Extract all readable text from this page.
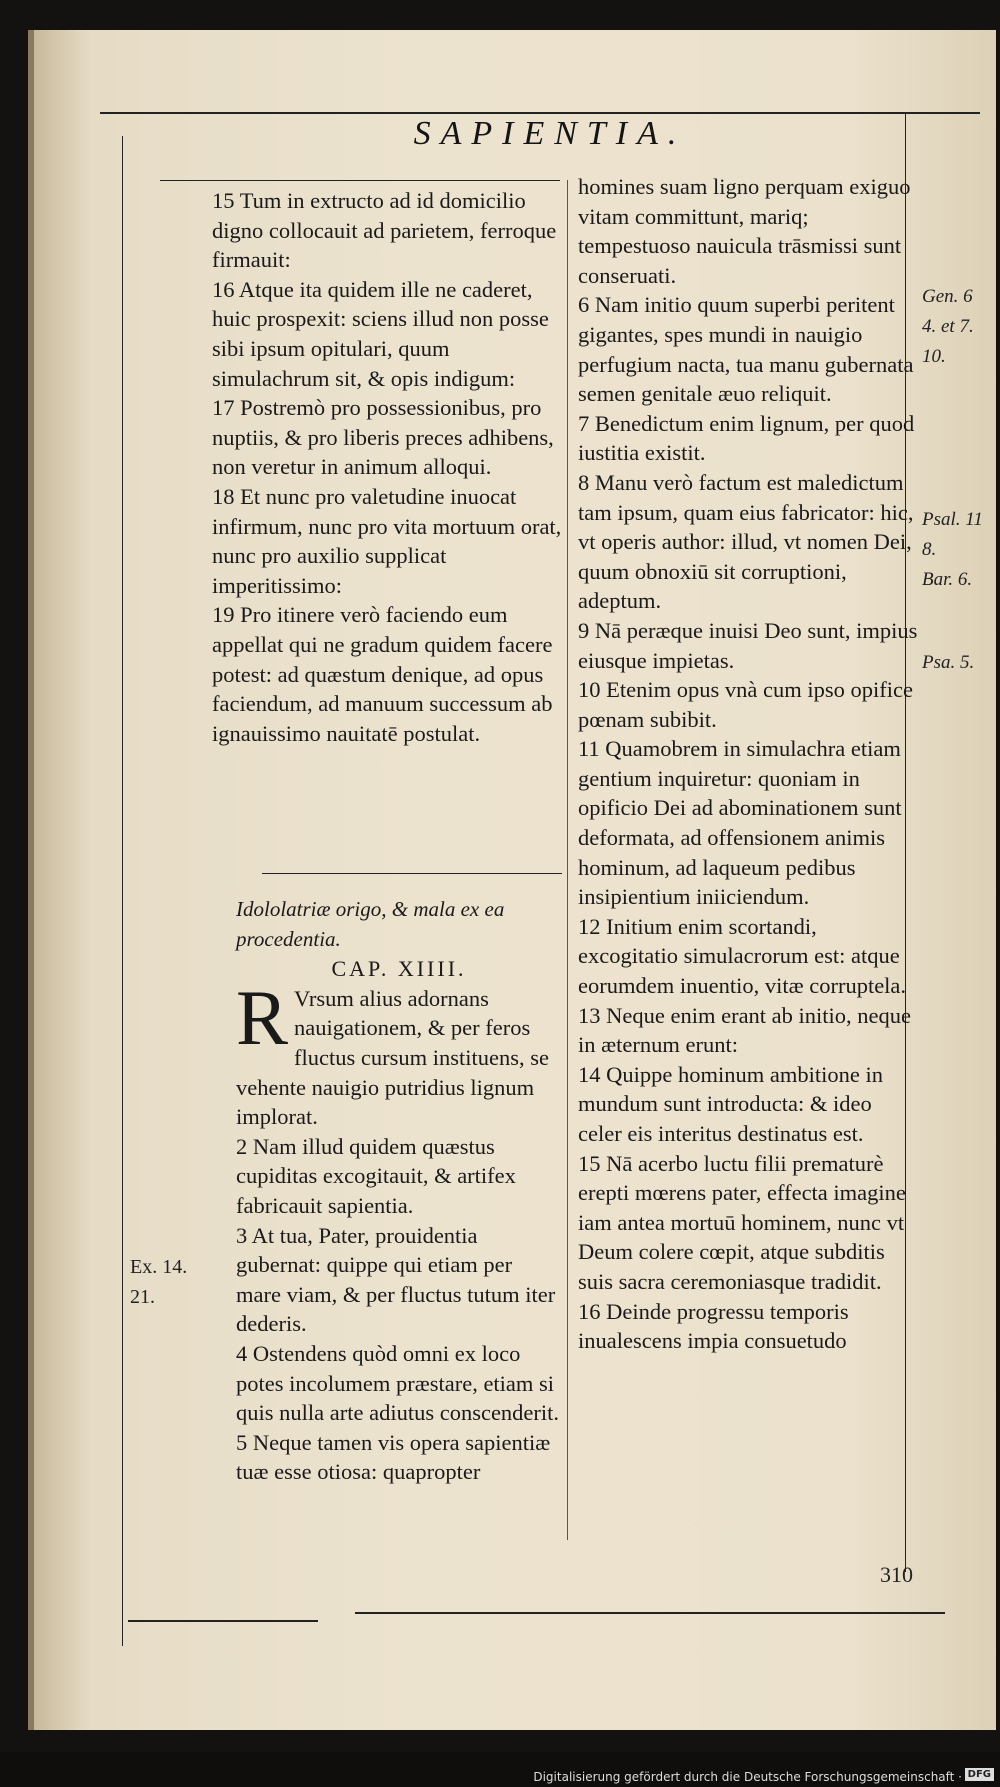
SAPIENTIA.

15 Tum in extructo ad id domicilio digno collocauit ad parietem, ferroque firmauit:

16 Atque ita quidem ille ne caderet, huic prospexit: sciens illud non posse sibi ipsum opitulari, quum simulachrum sit, & opis indigum:

17 Postremò pro possessionibus, pro nuptiis, & pro liberis preces adhibens, non veretur in animum alloqui.

18 Et nunc pro valetudine inuocat infirmum, nunc pro vita mortuum orat, nunc pro auxilio supplicat imperitissimo:

19 Pro itinere verò faciendo eum appellat qui ne gradum quidem facere potest: ad quæstum denique, ad opus faciendum, ad manuum successum ab ignauissimo nauitatē postulat.

Idololatriæ origo, & mala ex ea procedentia.

CAP. XIIII.

R Vrsum alius adornans nauigationem, & per feros fluctus cursum instituens, se vehente nauigio putridius lignum implorat.

2 Nam illud quidem quæstus cupiditas excogitauit, & artifex fabricauit sapientia.

3 At tua, Pater, prouidentia gubernat: quippe qui etiam per mare viam, & per fluctus tutum iter dederis.

4 Ostendens quòd omni ex loco potes incolumem præstare, etiam si quis nulla arte adiutus conscenderit.

5 Neque tamen vis opera sapientiæ tuæ esse otiosa: quapropter

homines suam ligno perquam exiguo vitam committunt, mariq; tempestuoso nauicula trāsmissi sunt conseruati.

6 Nam initio quum superbi peritent gigantes, spes mundi in nauigio perfugium nacta, tua manu gubernata semen genitale æuo reliquit.

7 Benedictum enim lignum, per quod iustitia existit.

8 Manu verò factum est maledictum tam ipsum, quam eius fabricator: hic, vt operis author: illud, vt nomen Dei, quum obnoxiū sit corruptioni, adeptum.

9 Nā peræque inuisi Deo sunt, impius eiusque impietas.

10 Etenim opus vnà cum ipso opifice pœnam subibit.

11 Quamobrem in simulachra etiam gentium inquiretur: quoniam in opificio Dei ad abominationem sunt deformata, ad offensionem animis hominum, ad laqueum pedibus insipientium iniiciendum.

12 Initium enim scortandi, excogitatio simulacrorum est: atque eorumdem inuentio, vitæ corruptela.

13 Neque enim erant ab initio, neque in æternum erunt:

14 Quippe hominum ambitione in mundum sunt introducta: & ideo celer eis interitus destinatus est.

15 Nā acerbo luctu filii prematurè erepti mœrens pater, effecta imagine iam antea mortuū hominem, nunc vt Deum colere cœpit, atque subditis suis sacra ceremoniasque tradidit.

16 Deinde progressu temporis inualescens impia consuetudo

Gen. 6
4. et 7.
10.
Psal. 11
8.
Bar. 6.
Psa. 5.
Ex. 14.
21.
310
Digitalisierung gefördert durch die Deutsche Forschungsgemeinschaft · DFG
